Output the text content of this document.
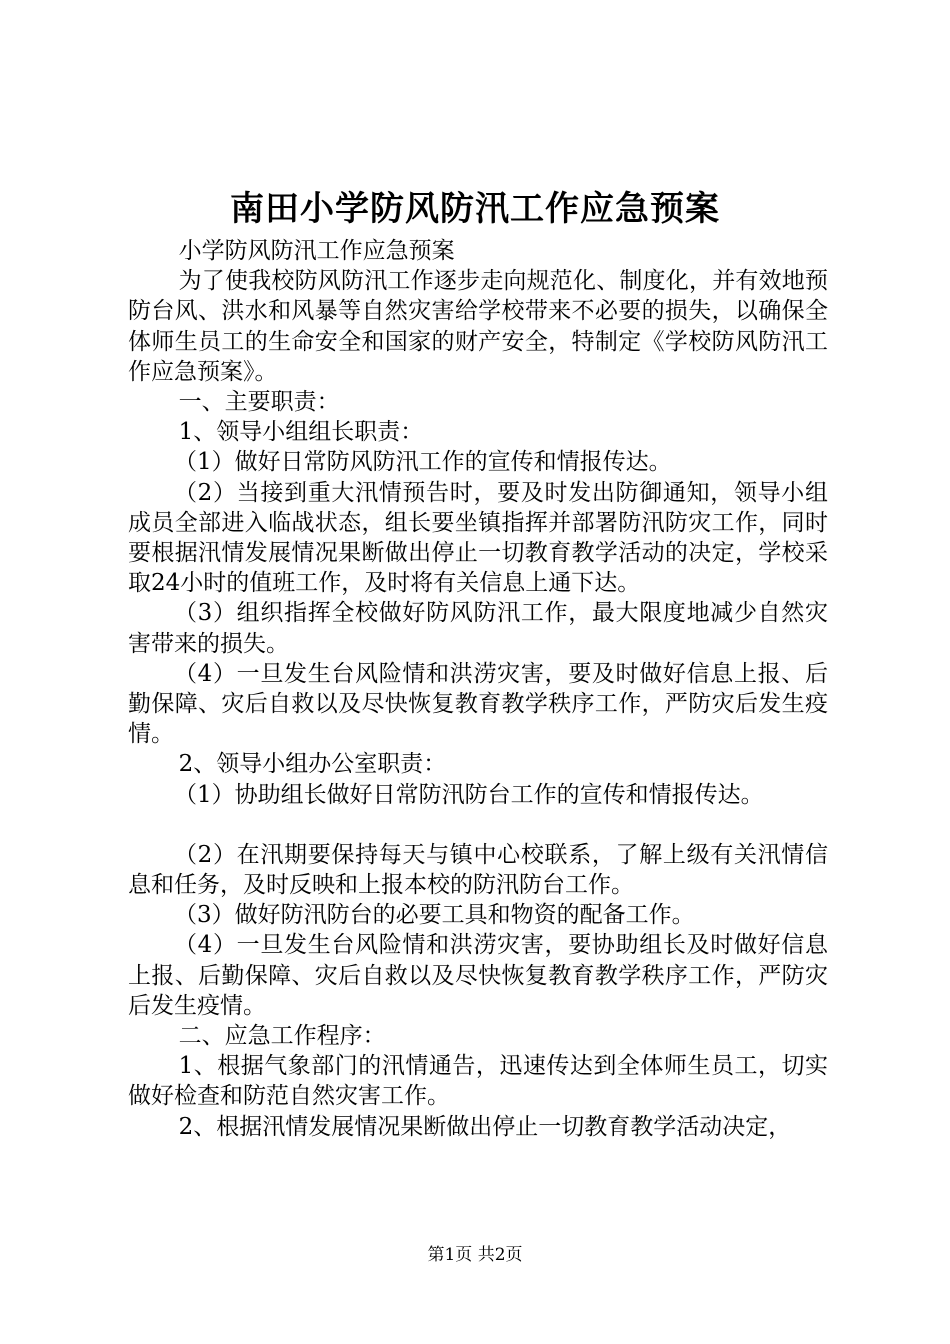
南田小学防风防汛工作应急预案

小学防风防汛工作应急预案

为了使我校防风防汛工作逐步走向规范化、制度化，并有效地预防台风、洪水和风暴等自然灾害给学校带来不必要的损失，以确保全体师生员工的生命安全和国家的财产安全，特制定《学校防风防汛工作应急预案》。

一、主要职责：

1、领导小组组长职责：

（1）做好日常防风防汛工作的宣传和情报传达。

（2）当接到重大汛情预告时，要及时发出防御通知，领导小组成员全部进入临战状态，组长要坐镇指挥并部署防汛防灾工作，同时要根据汛情发展情况果断做出停止一切教育教学活动的决定，学校采取24小时的值班工作，及时将有关信息上通下达。

（3）组织指挥全校做好防风防汛工作，最大限度地减少自然灾害带来的损失。

（4）一旦发生台风险情和洪涝灾害，要及时做好信息上报、后勤保障、灾后自救以及尽快恢复教育教学秩序工作，严防灾后发生疫情。

2、领导小组办公室职责：

（1）协助组长做好日常防汛防台工作的宣传和情报传达。

（2）在汛期要保持每天与镇中心校联系，了解上级有关汛情信息和任务，及时反映和上报本校的防汛防台工作。

（3）做好防汛防台的必要工具和物资的配备工作。

（4）一旦发生台风险情和洪涝灾害，要协助组长及时做好信息上报、后勤保障、灾后自救以及尽快恢复教育教学秩序工作，严防灾后发生疫情。

二、应急工作程序：

1、根据气象部门的汛情通告，迅速传达到全体师生员工，切实做好检查和防范自然灾害工作。

2、根据汛情发展情况果断做出停止一切教育教学活动决定，

第1页 共2页
